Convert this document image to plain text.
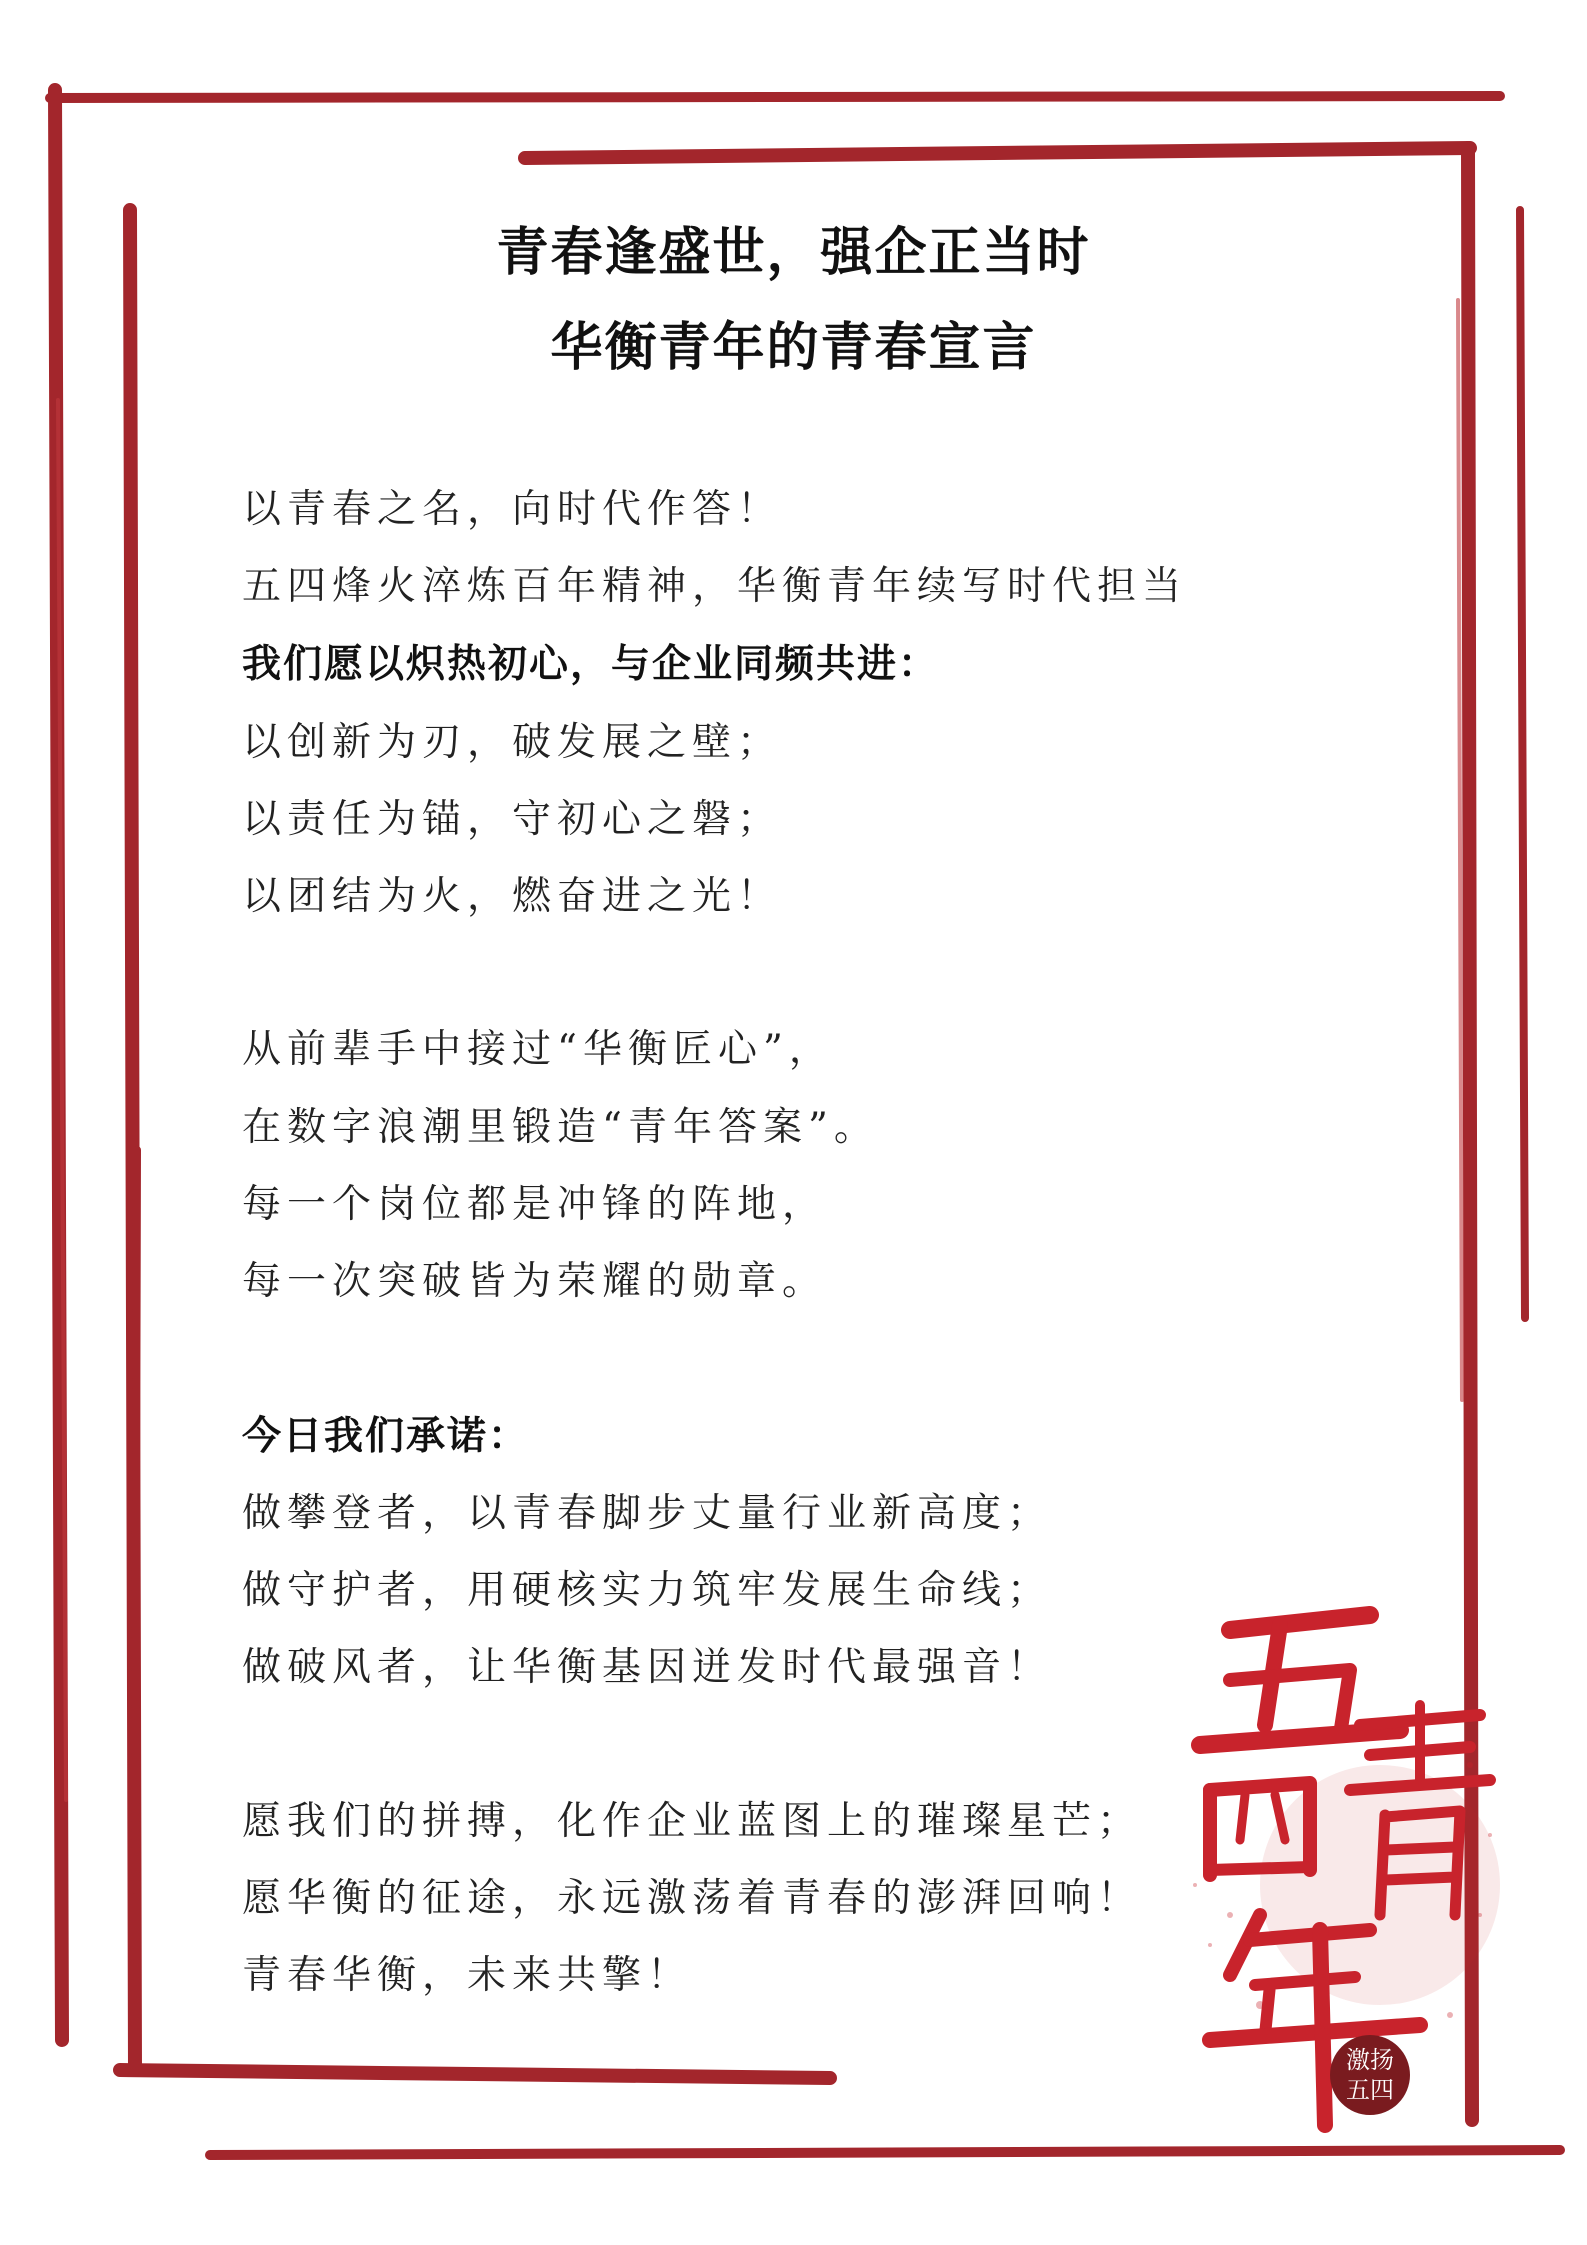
青春逢盛世，强企正当时
华衡青年的青春宣言
以青春之名，向时代作答！
五四烽火淬炼百年精神，华衡青年续写时代担当
我们愿以炽热初心，与企业同频共进：
以创新为刃，破发展之壁；
以责任为锚，守初心之磐；
以团结为火，燃奋进之光！
从前辈手中接过“华衡匠心”，
在数字浪潮里锻造“青年答案”。
每一个岗位都是冲锋的阵地，
每一次突破皆为荣耀的勋章。
今日我们承诺：
做攀登者，以青春脚步丈量行业新高度；
做守护者，用硬核实力筑牢发展生命线；
做破风者，让华衡基因迸发时代最强音！
愿我们的拼搏，化作企业蓝图上的璀璨星芒；
愿华衡的征途，永远激荡着青春的澎湃回响！
青春华衡，未来共擎！
激扬
五四
